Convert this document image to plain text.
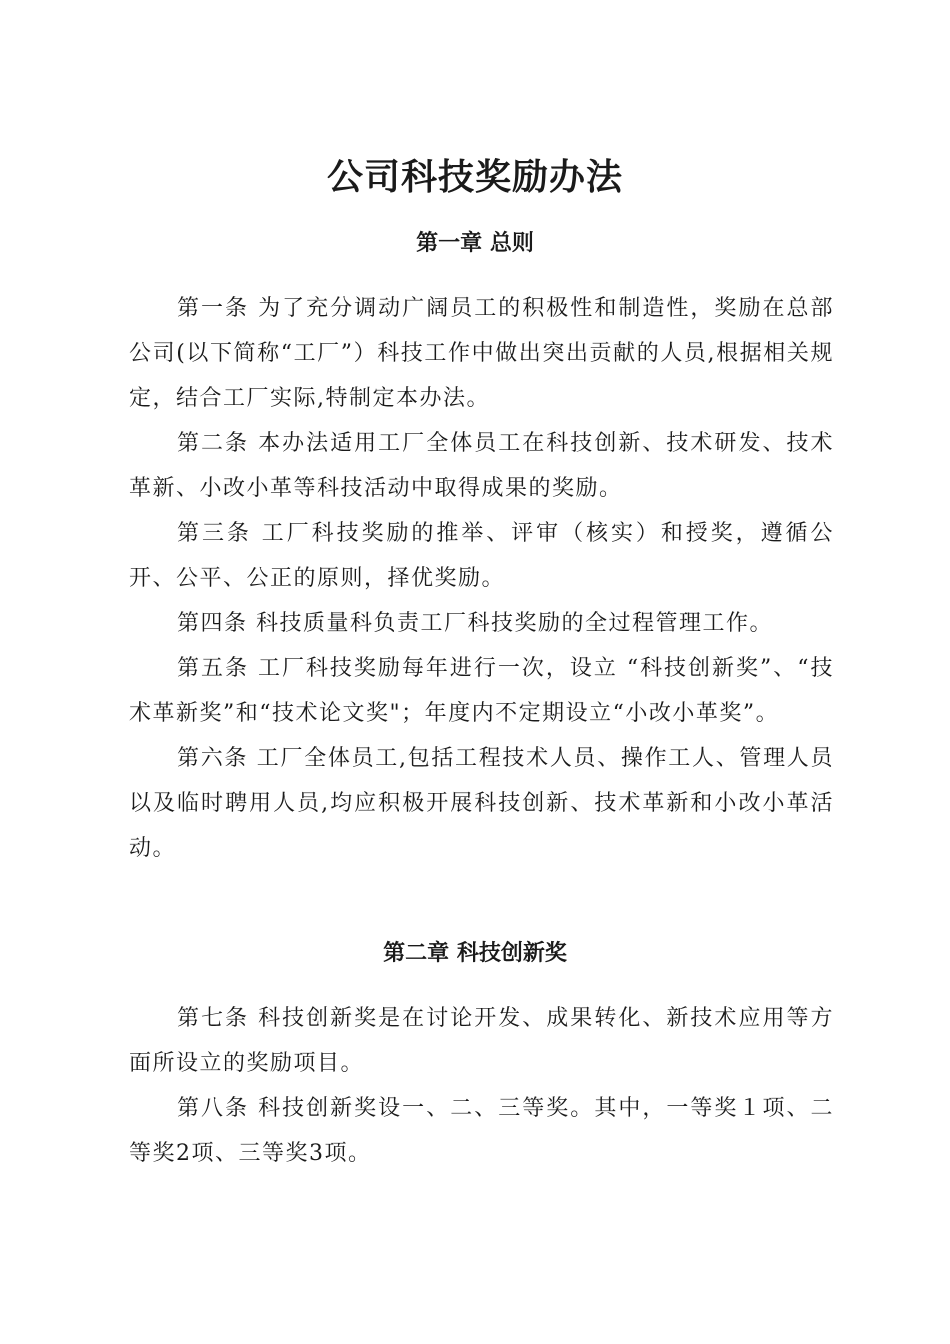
公司科技奖励办法
第一章 总则

第一条 为了充分调动广阔员工的积极性和制造性，奖励在总部公司(以下简称“工厂”）科技工作中做出突出贡献的人员,根据相关规定，结合工厂实际,特制定本办法。

第二条 本办法适用工厂全体员工在科技创新、技术研发、技术革新、小改小革等科技活动中取得成果的奖励。

第三条 工厂科技奖励的推举、评审（核实）和授奖，遵循公开、公平、公正的原则，择优奖励。

第四条 科技质量科负责工厂科技奖励的全过程管理工作。

第五条 工厂科技奖励每年进行一次，设立 “科技创新奖”、“技术革新奖”和“技术论文奖"；年度内不定期设立“小改小革奖”。

第六条 工厂全体员工,包括工程技术人员、操作工人、管理人员以及临时聘用人员,均应积极开展科技创新、技术革新和小改小革活动。

第二章 科技创新奖

第七条 科技创新奖是在讨论开发、成果转化、新技术应用等方面所设立的奖励项目。

第八条 科技创新奖设一、二、三等奖。其中，一等奖１项、二等奖2项、三等奖3项。
